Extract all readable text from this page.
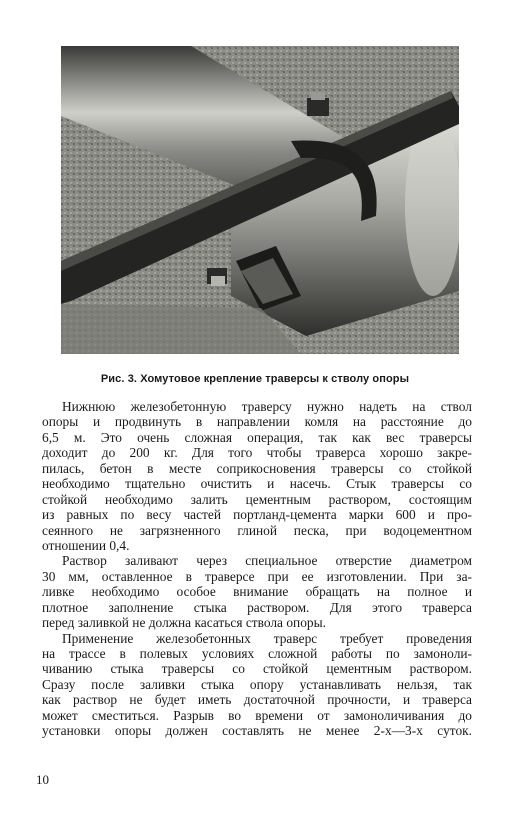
Рис. 3. Хомутовое крепление траверсы к стволу опоры
Нижнюю железобетонную траверсу нужно надеть на ствол
опоры и продвинуть в направлении комля на расстояние до
6,5 м. Это очень сложная операция, так как вес траверсы
доходит до 200 кг. Для того чтобы траверса хорошо закре-
пилась, бетон в месте соприкосновения траверсы со стойкой
необходимо тщательно очистить и насечь. Стык траверсы со
стойкой необходимо залить цементным раствором, состоящим
из равных по весу частей портланд-цемента марки 600 и про-
сеянного не загрязненного глиной песка, при водоцементном
отношении 0,4.
Раствор заливают через специальное отверстие диаметром
30 мм, оставленное в траверсе при ее изготовлении. При за-
ливке необходимо особое внимание обращать на полное и
плотное заполнение стыка раствором. Для этого траверса
перед заливкой не должна касаться ствола опоры.
Применение железобетонных траверс требует проведения
на трассе в полевых условиях сложной работы по замоноли-
чиванию стыка траверсы со стойкой цементным раствором.
Сразу после заливки стыка опору устанавливать нельзя, так
как раствор не будет иметь достаточной прочности, и траверса
может сместиться. Разрыв во времени от замоноличивания до
установки опоры должен составлять не менее 2-х—3-х суток.
10
